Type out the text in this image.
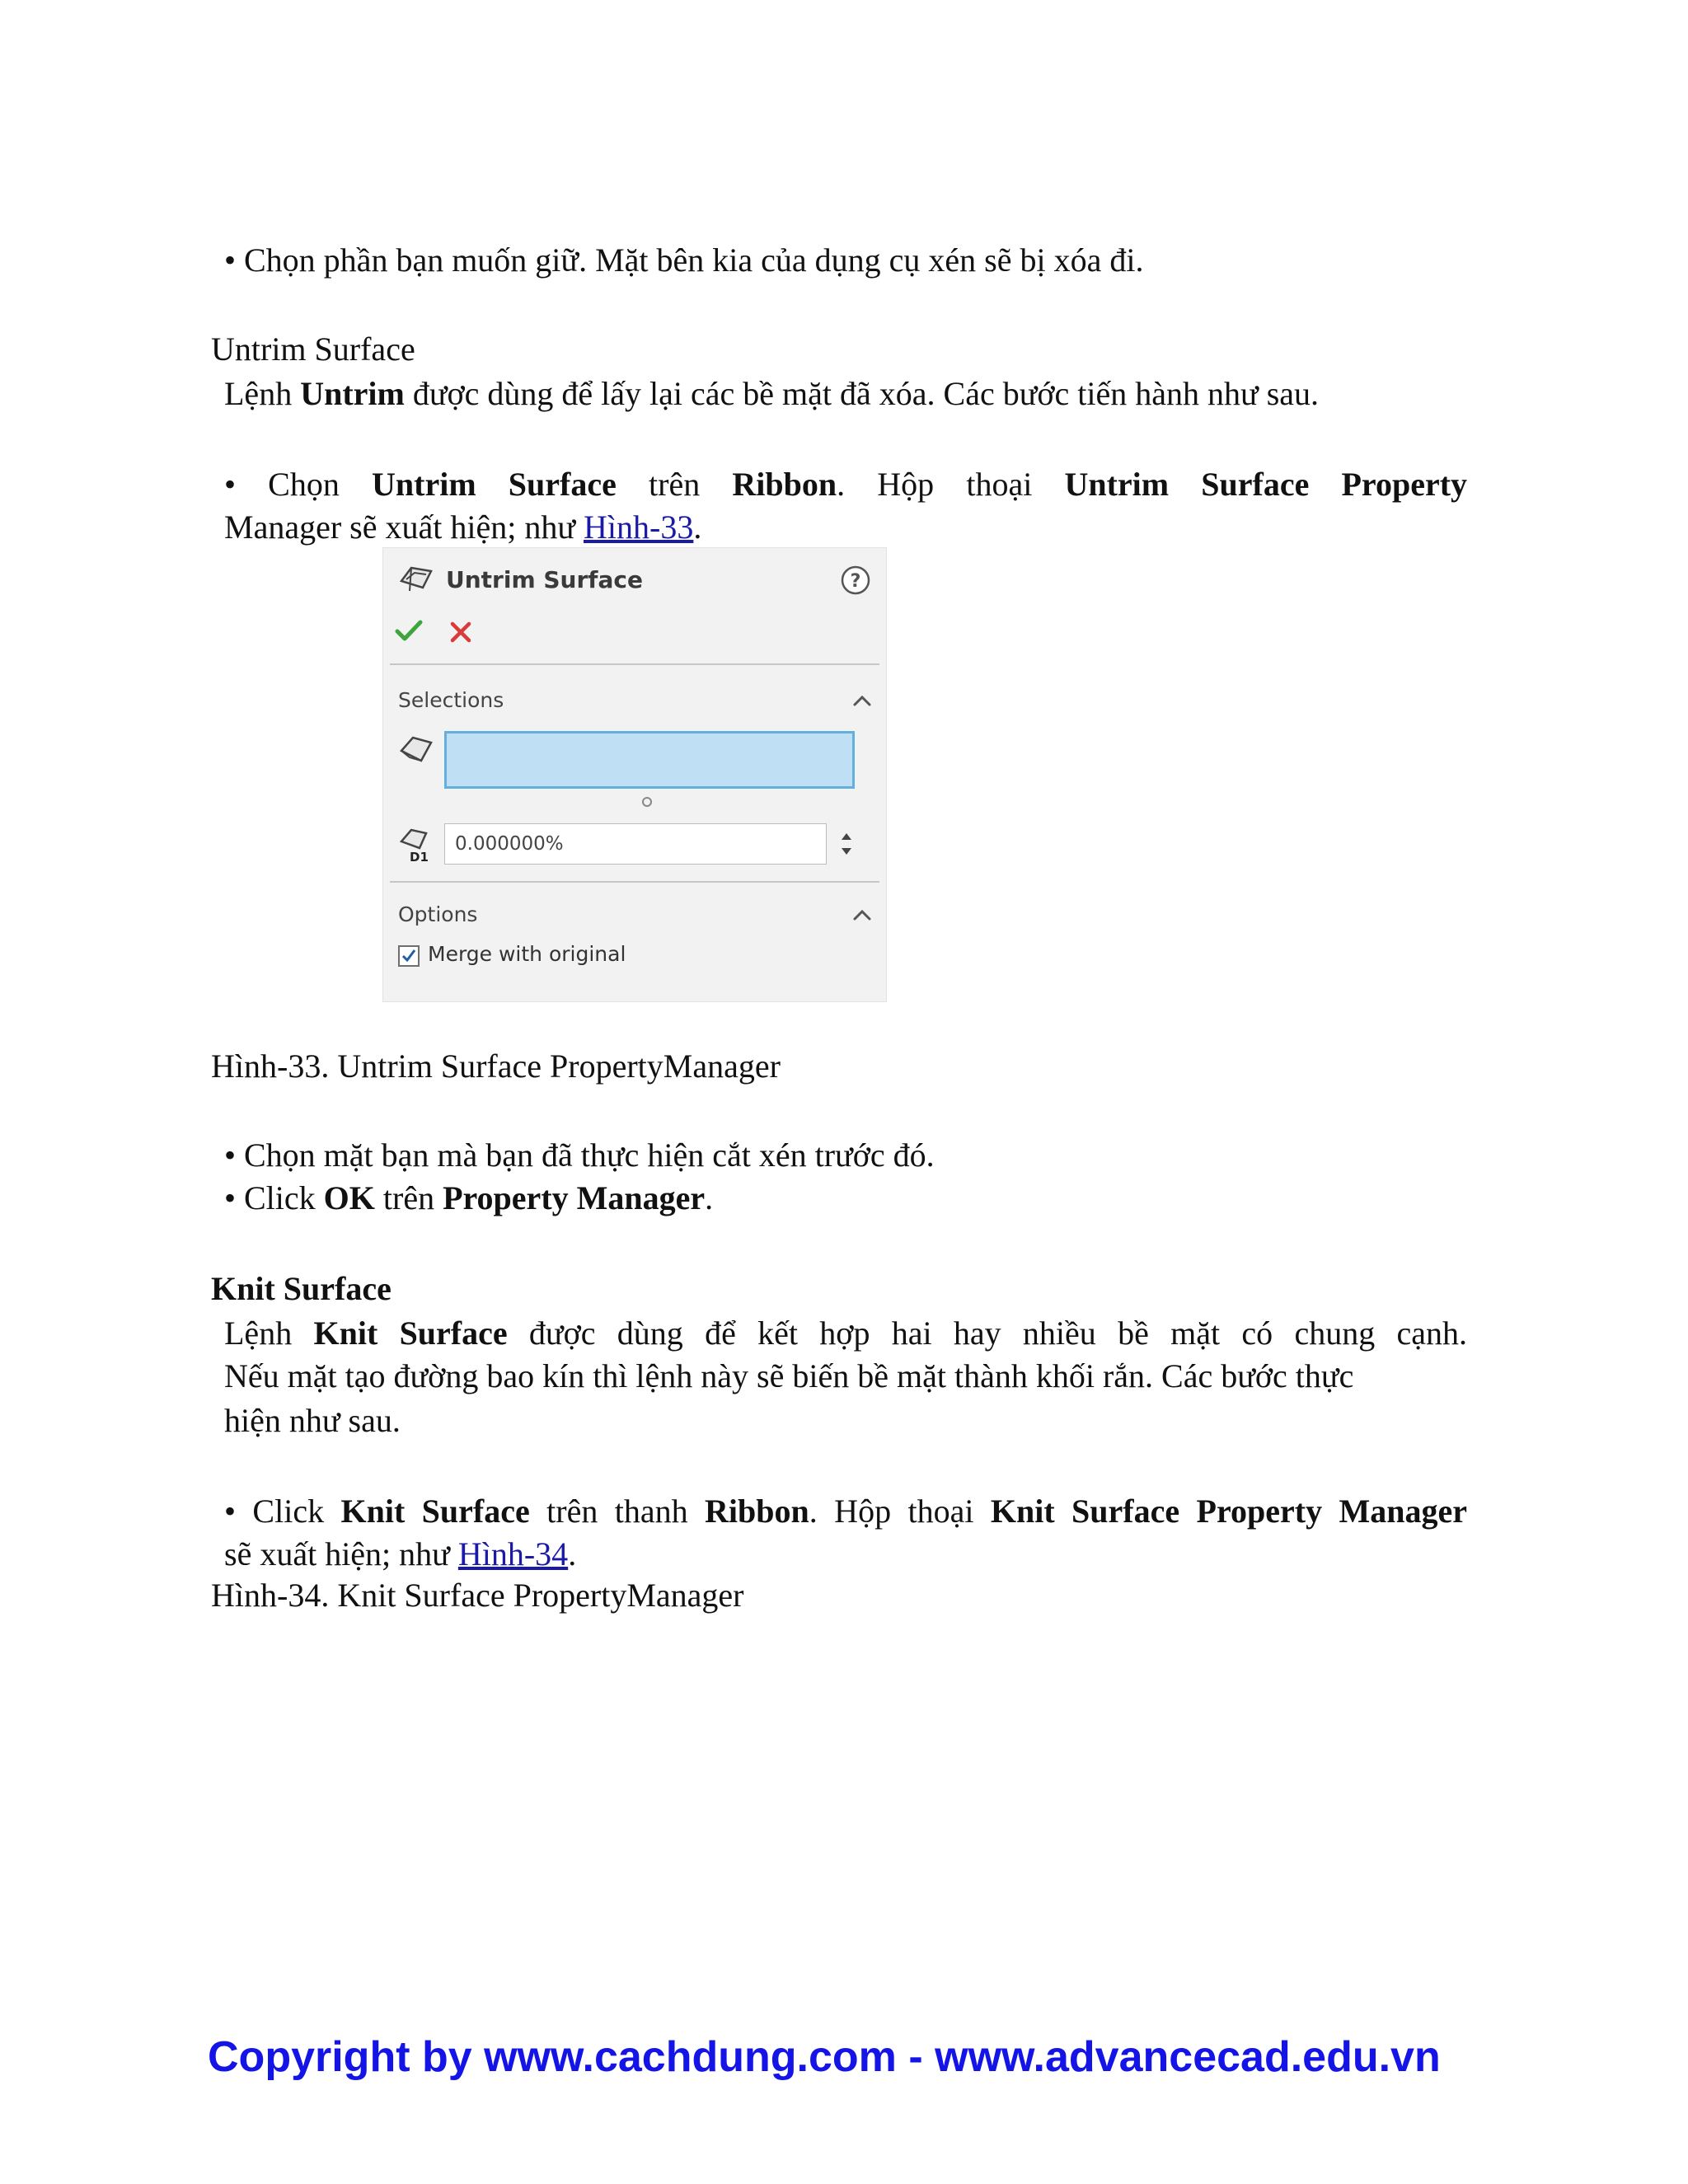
• Chọn phần bạn muốn giữ. Mặt bên kia của dụng cụ xén sẽ bị xóa đi.
Untrim Surface
Lệnh Untrim được dùng để lấy lại các bề mặt đã xóa. Các bước tiến hành như sau.
• Chọn Untrim Surface trên Ribbon. Hộp thoại Untrim Surface Property
Manager sẽ xuất hiện; như Hình-33.
Untrim Surface	?
Selections
D1
0.000000%
Options
Merge with original
Hình-33. Untrim Surface PropertyManager
• Chọn mặt bạn mà bạn đã thực hiện cắt xén trước đó.
• Click OK trên Property Manager.
Knit Surface
Lệnh Knit Surface được dùng để kết hợp hai hay nhiều bề mặt có chung cạnh.
Nếu mặt tạo đường bao kín thì lệnh này sẽ biến bề mặt thành khối rắn. Các bước thực
hiện như sau.
• Click Knit Surface trên thanh Ribbon. Hộp thoại Knit Surface Property Manager
sẽ xuất hiện; như Hình-34.
Hình-34. Knit Surface PropertyManager
Copyright by www.cachdung.com - www.advancecad.edu.vn
